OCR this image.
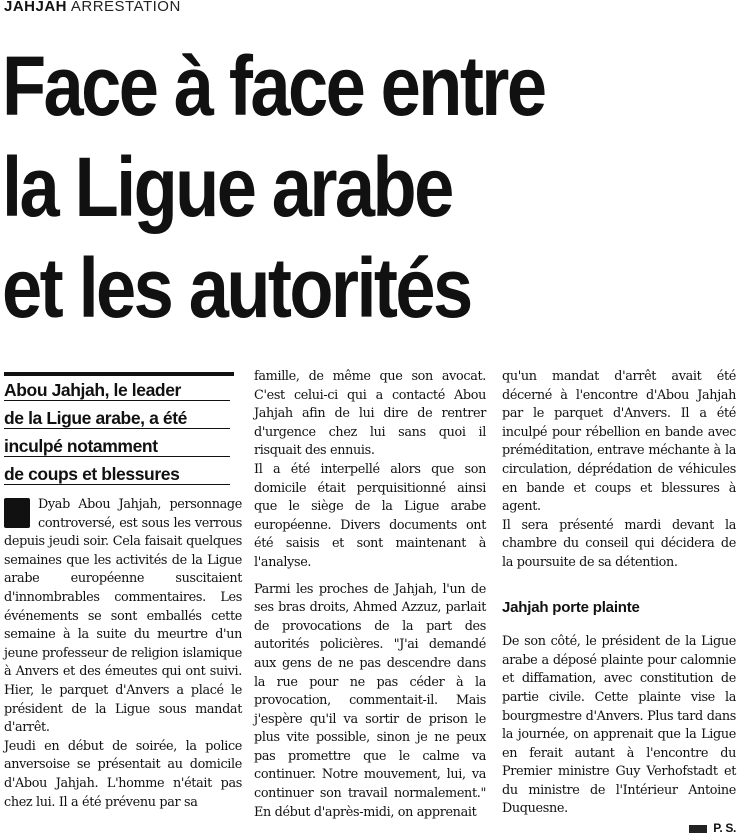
JAHJAH ARRESTATION
Face à face entre
la Ligue arabe
et les autorités
Abou Jahjah, le leader
de la Ligue arabe, a été
inculpé notamment
de coups et blessures

Dyab Abou Jahjah, personnage controversé, est sous les verrous depuis jeudi soir. Cela faisait quelques semaines que les activités de la Ligue arabe européenne suscitaient d'innombrables commentaires. Les événements se sont emballés cette semaine à la suite du meurtre d'un jeune professeur de religion islamique à Anvers et des émeutes qui ont suivi. Hier, le parquet d'Anvers a placé le président de la Ligue sous mandat d'arrêt.

Jeudi en début de soirée, la police anversoise se présentait au domicile d'Abou Jahjah. L'homme n'était pas chez lui. Il a été prévenu par sa

famille, de même que son avocat. C'est celui-ci qui a contacté Abou Jahjah afin de lui dire de rentrer d'urgence chez lui sans quoi il risquait des ennuis.

Il a été interpellé alors que son domicile était perquisitionné ainsi que le siège de la Ligue arabe européenne. Divers documents ont été saisis et sont maintenant à l'analyse.

Parmi les proches de Jahjah, l'un de ses bras droits, Ahmed Azzuz, parlait de provocations de la part des autorités policières. "J'ai demandé aux gens de ne pas descendre dans la rue pour ne pas céder à la provocation, commentait-il. Mais j'espère qu'il va sortir de prison le plus vite possible, sinon je ne peux pas promettre que le calme va continuer. Notre mouvement, lui, va continuer son travail normalement." En début d'après-midi, on apprenait

qu'un mandat d'arrêt avait été décerné à l'encontre d'Abou Jahjah par le parquet d'Anvers. Il a été inculpé pour rébellion en bande avec préméditation, entrave méchante à la circulation, déprédation de véhicules en bande et coups et blessures à agent.

Il sera présenté mardi devant la chambre du conseil qui décidera de la poursuite de sa détention.

Jahjah porte plainte

De son côté, le président de la Ligue arabe a déposé plainte pour calomnie et diffamation, avec constitution de partie civile. Cette plainte vise la bourgmestre d'Anvers. Plus tard dans la journée, on apprenait que la Ligue en ferait autant à l'encontre du Premier ministre Guy Verhofstadt et du ministre de l'Intérieur Antoine Duquesne.

P. S.
